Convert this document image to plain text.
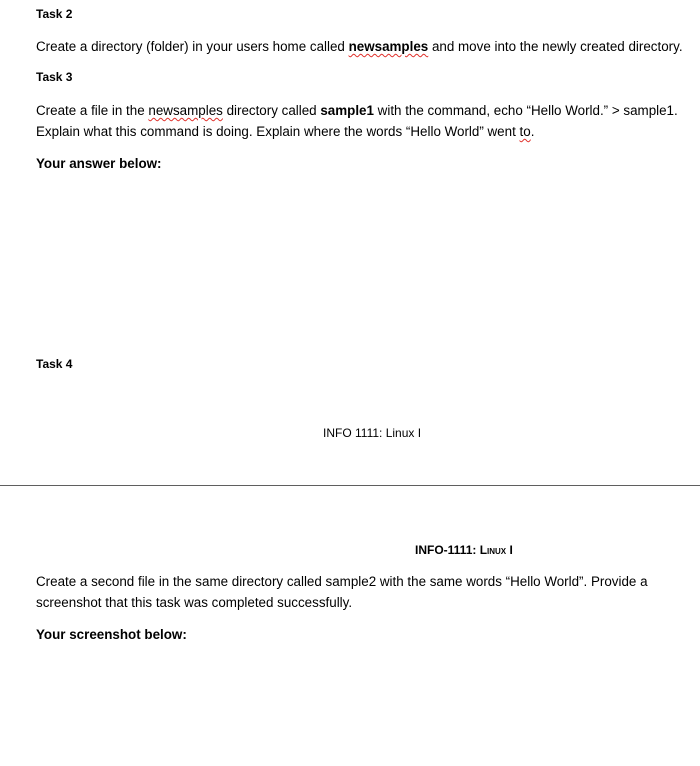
Task 2
Create a directory (folder) in your users home called newsamples and move into the newly created directory.
Task 3
Create a file in the newsamples directory called sample1 with the command, echo “Hello World.” > sample1.
Explain what this command is doing. Explain where the words “Hello World” went to.
Your answer below:
Task 4
INFO 1111: Linux I
INFO-1111: Linux I
Create a second file in the same directory called sample2 with the same words “Hello World”. Provide a
screenshot that this task was completed successfully.
Your screenshot below:
